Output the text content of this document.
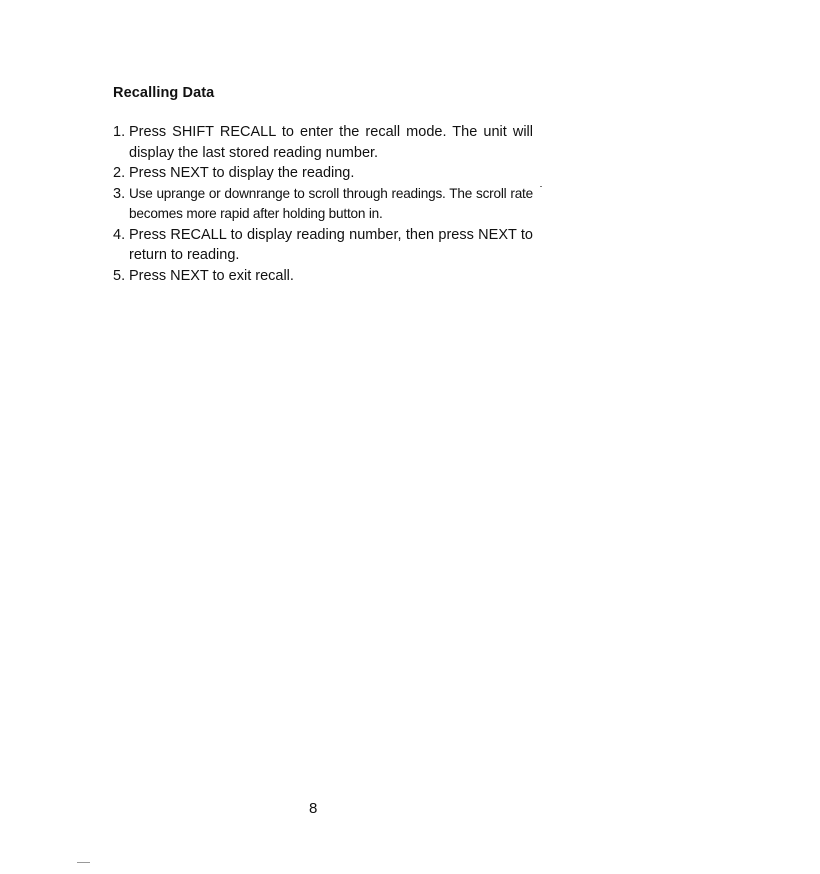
Recalling Data
1. Press SHIFT RECALL to enter the recall mode. The unit will display the last stored reading number.
2. Press NEXT to display the reading.
3. Use uprange or downrange to scroll through readings. The scroll rate becomes more rapid after holding button in.
4. Press RECALL to display reading number, then press NEXT to return to reading.
5. Press NEXT to exit recall.
8
